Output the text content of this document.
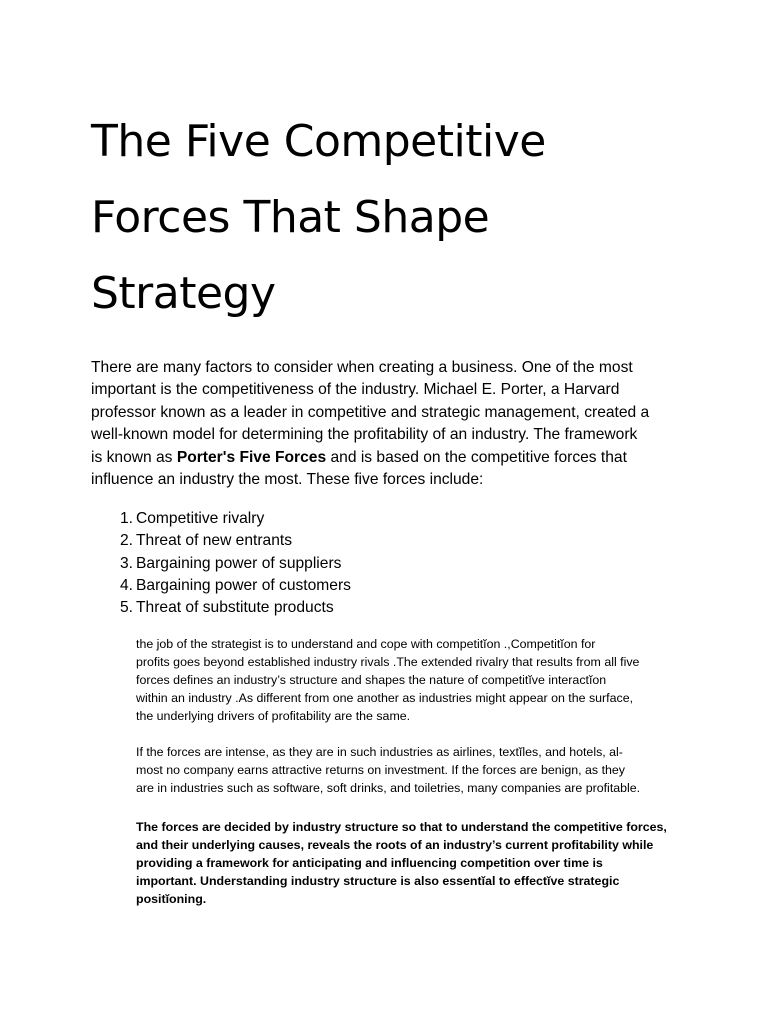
The Five Competitive
Forces That Shape
Strategy

There are many factors to consider when creating a business. One of the most
important is the competitiveness of the industry. Michael E. Porter, a Harvard
professor known as a leader in competitive and strategic management, created a
well-known model for determining the profitability of an industry. The framework
is known as Porter's Five Forces and is based on the competitive forces that
influence an industry the most. These five forces include:

1. Competitive rivalry
2. Threat of new entrants
3. Bargaining power of suppliers
4. Bargaining power of customers
5. Threat of substitute products

the job of the strategist is to understand and cope with competitĭon .,Competitĭon for
profits goes beyond established industry rivals .The extended rivalry that results from all five
forces defines an industry’s structure and shapes the nature of competitĭve interactĭon
within an industry .As different from one another as industries might appear on the surface,
the underlying drivers of profitability are the same.

If the forces are intense, as they are in such industries as airlines, textĭles, and hotels, al-
most no company earns attractive returns on investment. If the forces are benign, as they
are in industries such as software, soft drinks, and toiletries, many companies are profitable.

The forces are decided by industry structure so that to understand the competitive forces,
and their underlying causes, reveals the roots of an industry’s current profitability while
providing a framework for anticipating and influencing competition over time is
important. Understanding industry structure is also essentĭal to effectĭve strategic
positĭoning.
